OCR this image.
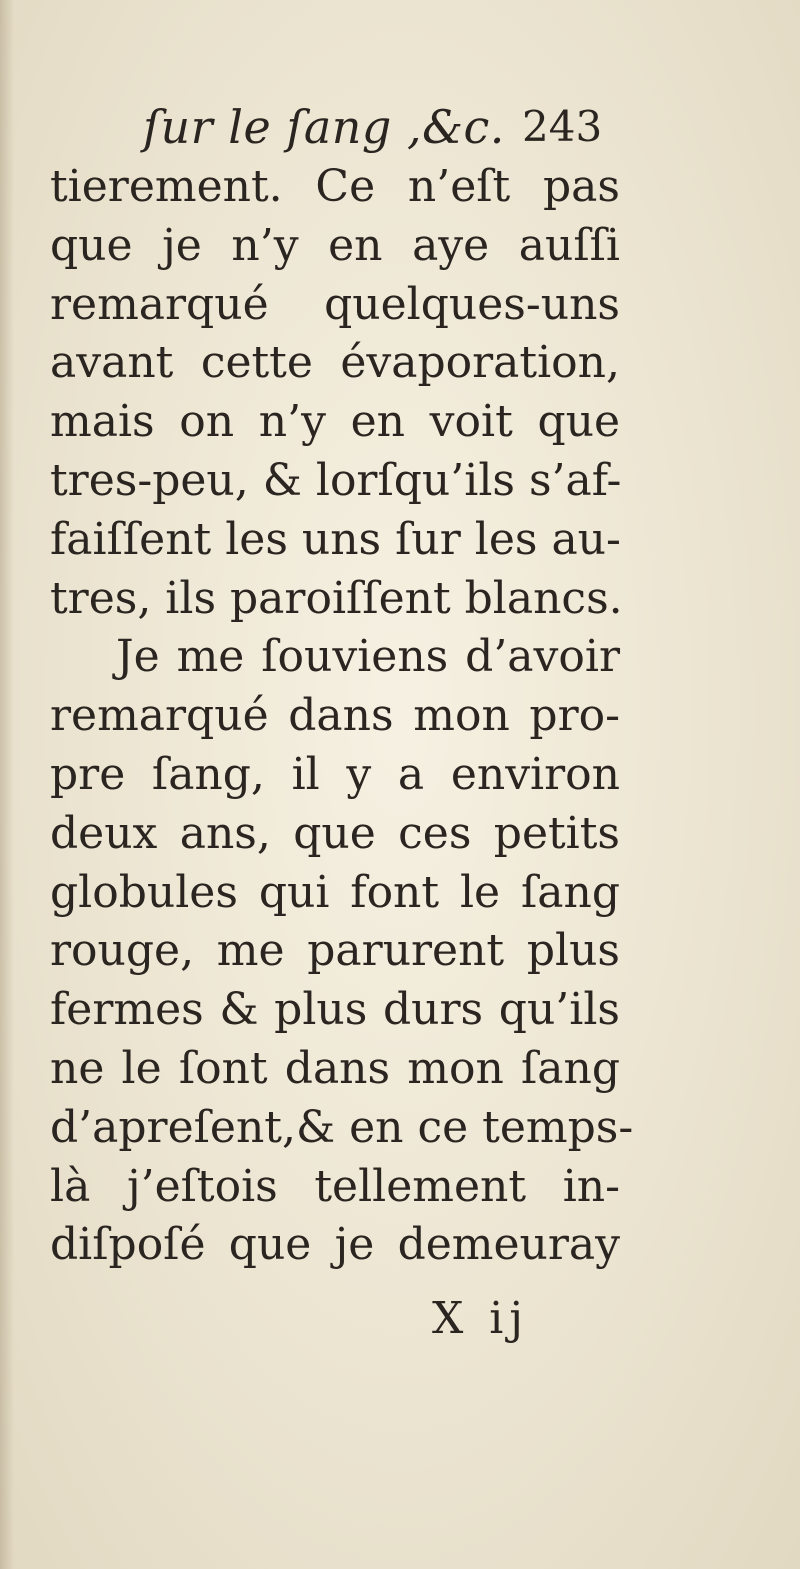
ſur le ſang ,&c. 243
tierement. Ce n’eſt pas
que je n’y en aye auſſi
remarqué quelques-uns
avant cette évaporation,
mais on n’y en voit que
tres-peu, & lorſqu’ils s’af-
faiſſent les uns ſur les au-
tres, ils paroiſſent blancs.
Je me ſouviens d’avoir
remarqué dans mon pro-
pre ſang, il y a environ
deux ans, que ces petits
globules qui font le ſang
rouge, me parurent plus
fermes & plus durs qu’ils
ne le ſont dans mon ſang
d’apreſent,& en ce temps-
là j’eſtois tellement in-
diſpoſé que je demeuray
X ij
